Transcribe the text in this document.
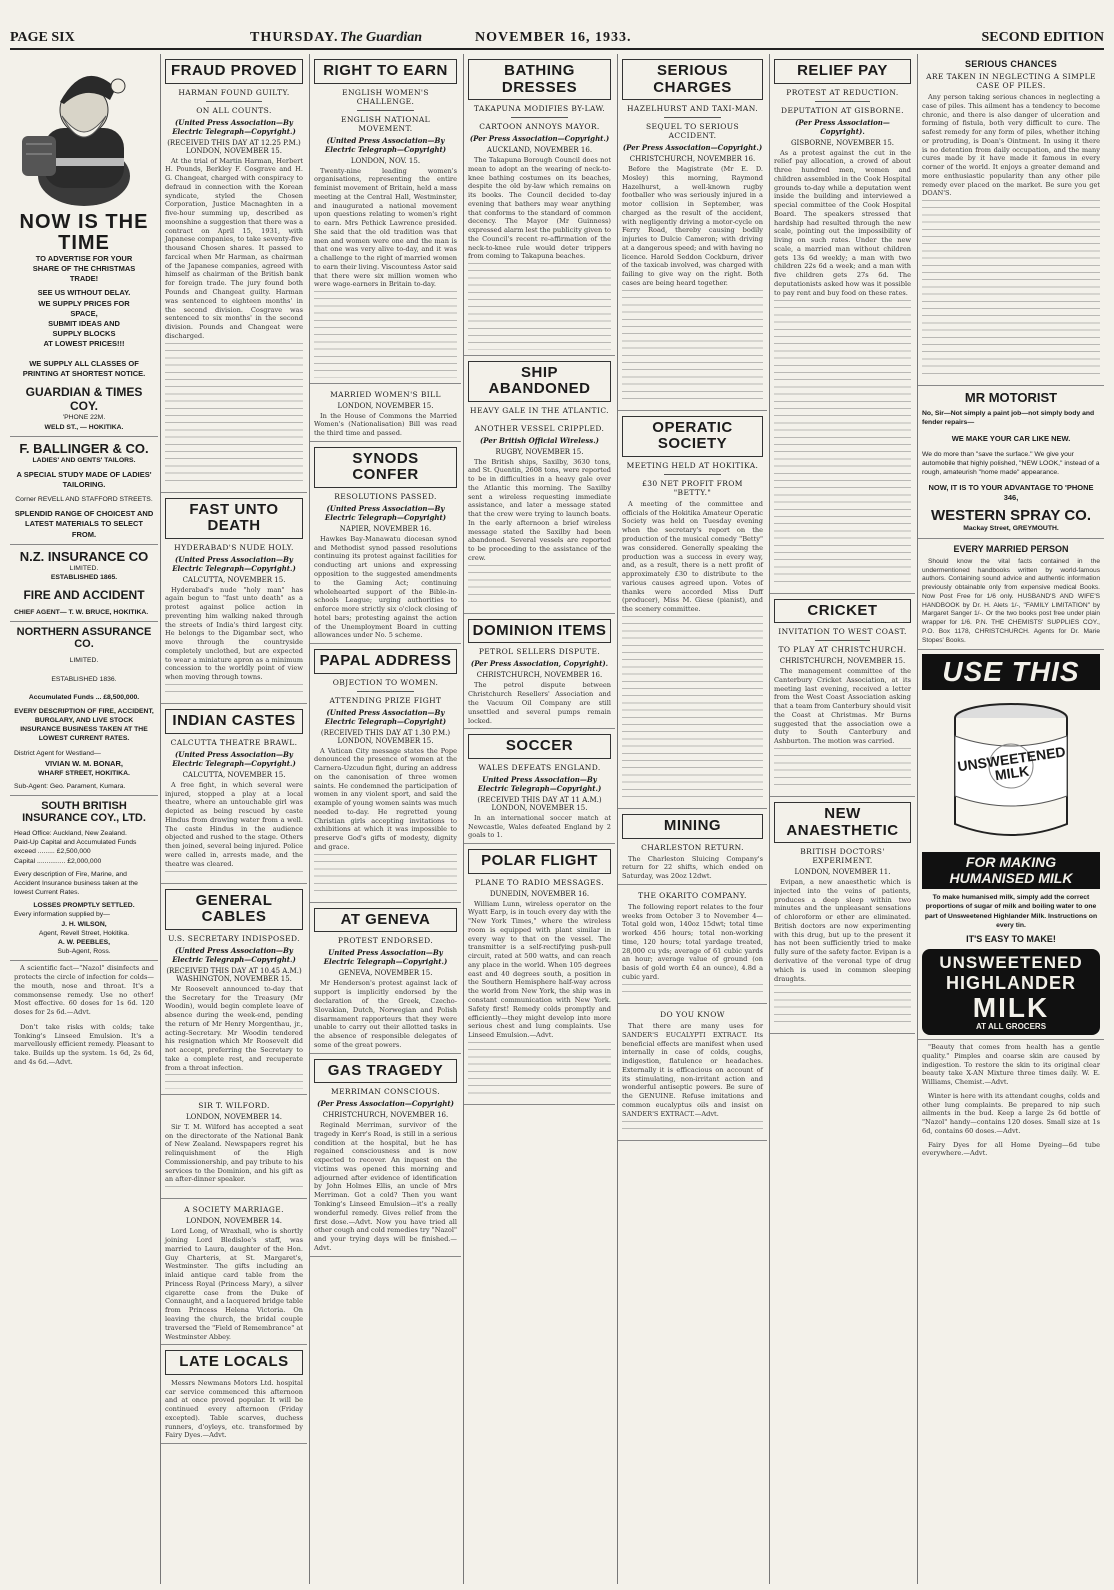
PAGE SIX	THURSDAY. The Guardian	NOVEMBER 16, 1933.	SECOND EDITION
NOW IS THE TIME
TO ADVERTISE FOR YOUR
SHARE OF THE CHRISTMAS
TRADE!
SEE US WITHOUT DELAY.
WE SUPPLY PRICES FOR
SPACE,
SUBMIT IDEAS AND
SUPPLY BLOCKS
AT LOWEST PRICES!!!
WE SUPPLY ALL CLASSES OF PRINTING AT SHORTEST NOTICE.
GUARDIAN & TIMES COY.
'PHONE 22M.
WELD ST., — HOKITIKA.
F. BALLINGER & CO.
LADIES' AND GENTS' TAILORS.
A SPECIAL STUDY MADE OF LADIES' TAILORING.
Corner REVELL AND STAFFORD STREETS.
SPLENDID RANGE OF CHOICEST AND LATEST MATERIALS TO SELECT FROM.
N.Z. INSURANCE CO
LIMITED.
ESTABLISHED 1865.
FIRE AND ACCIDENT
CHIEF AGENT— T. W. BRUCE, HOKITIKA.
NORTHERN ASSURANCE CO.
LIMITED.
ESTABLISHED 1836.
Accumulated Funds ... £8,500,000.
EVERY DESCRIPTION OF FIRE, ACCIDENT, BURGLARY, AND LIVE STOCK INSURANCE BUSINESS TAKEN AT THE LOWEST CURRENT RATES.
District Agent for Westland—
VIVIAN W. M. BONAR,
WHARF STREET, HOKITIKA.
Sub-Agent: Geo. Parament, Kumara.
SOUTH BRITISH INSURANCE COY., LTD.
Head Office: Auckland, New Zealand.
Paid-Up Capital and Accumulated Funds exceed ......... £2,500,000
Capital ............... £2,000,000
Every description of Fire, Marine, and Accident Insurance business taken at the lowest Current Rates.
LOSSES PROMPTLY SETTLED.
Every information supplied by—
J. H. WILSON,
Agent, Revell Street, Hokitika.
A. W. PEEBLES,
Sub-Agent, Ross.

A scientific fact—"Nazol" disinfects and protects the circle of infection for colds—the mouth, nose and throat. It's a commonsense remedy. Use no other! Most effective. 60 doses for 1s 6d. 120 doses for 2s 6d.—Advt.

Don't take risks with colds; take Tonking's Linseed Emulsion. It's a marvellously efficient remedy. Pleasant to take. Builds up the system. 1s 6d, 2s 6d, and 4s 6d.—Advt.

FRAUD PROVED
HARMAN FOUND GUILTY.
ON ALL COUNTS.
(United Press Association—By Electric Telegraph—Copyright.)
(RECEIVED THIS DAY AT 12.25 P.M.) LONDON, NOVEMBER 15.

At the trial of Martin Harman, Herbert H. Pounds, Berkley F. Cosgrave and H. G. Changeat, charged with conspiracy to defraud in connection with the Korean syndicate, styled the Chosen Corporation, Justice Macnaghten in a five-hour summing up, described as moonshine a suggestion that there was a contract on April 15, 1931, with Japanese companies, to take seventy-five thousand Chosen shares. It passed to farcical when Mr Harman, as chairman of the Japanese companies, agreed with himself as chairman of the British bank for foreign trade. The jury found both Pounds and Changeat guilty. Harman was sentenced to eighteen months' in the second division. Cosgrave was sentenced to six months' in the second division. Pounds and Changeat were discharged.

FAST UNTO DEATH
HYDERABAD'S NUDE HOLY.
(United Press Association—By Electric Telegraph—Copyright.)
CALCUTTA, NOVEMBER 15.

Hyderabad's nude "holy man" has again begun to "fast unto death" as a protest against police action in preventing him walking naked through the streets of India's third largest city. He belongs to the Digambar sect, who move through the countryside completely unclothed, but are expected to wear a miniature apron as a minimum concession to the worldly point of view when moving through towns.

INDIAN CASTES
CALCUTTA THEATRE BRAWL.
(United Press Association—By Electric Telegraph—Copyright.)
CALCUTTA, NOVEMBER 15.

A free fight, in which several were injured, stopped a play at a local theatre, where an untouchable girl was depicted as being rescued by caste Hindus from drawing water from a well. The caste Hindus in the audience objected and rushed to the stage. Others then joined, several being injured. Police were called in, arrests made, and the theatre was cleared.

GENERAL CABLES
U.S. SECRETARY INDISPOSED.
(United Press Association—By Electric Telegraph—Copyright.)
(RECEIVED THIS DAY AT 10.45 A.M.) WASHINGTON, NOVEMBER 15.

Mr Roosevelt announced to-day that the Secretary for the Treasury (Mr Woodin), would begin complete leave of absence during the week-end, pending the return of Mr Henry Morgenthau, jr., acting-Secretary. Mr Woodin tendered his resignation which Mr Roosevelt did not accept, preferring the Secretary to take a complete rest, and recuperate from a throat infection.

SIR T. WILFORD.
LONDON, NOVEMBER 14.

Sir T. M. Wilford has accepted a seat on the directorate of the National Bank of New Zealand. Newspapers regret his relinquishment of the High Commissionership, and pay tribute to his services to the Dominion, and his gift as an after-dinner speaker.

A SOCIETY MARRIAGE.
LONDON, NOVEMBER 14.

Lord Long, of Wraxhall, who is shortly joining Lord Bledisloe's staff, was married to Laura, daughter of the Hon. Guy Charteris, at St. Margaret's, Westminster. The gifts including an inlaid antique card table from the Princess Royal (Princess Mary), a silver cigarette case from the Duke of Connaught, and a lacquered bridge table from Princess Helena Victoria. On leaving the church, the bridal couple traversed the "Field of Remembrance" at Westminster Abbey.

LATE LOCALS

Messrs Newmans Motors Ltd. hospital car service commenced this afternoon and at once proved popular. It will be continued every afternoon (Friday excepted). Table scarves, duchess runners, d'oyleys, etc. transformed by Fairy Dyes.—Advt.

RIGHT TO EARN
ENGLISH WOMEN'S CHALLENGE.
ENGLISH NATIONAL MOVEMENT.
(United Press Association—By Electric Telegraph—Copyright)
LONDON, NOV. 15.

Twenty-nine leading women's organisations, representing the entire feminist movement of Britain, held a mass meeting at the Central Hall, Westminster, and inaugurated a national movement upon questions relating to women's right to earn. Mrs Pethick Lawrence presided. She said that the old tradition was that men and women were one and the man is that one was very alive to-day, and it was a challenge to the right of married women to earn their living. Viscountess Astor said that there were six million women who were wage-earners in Britain to-day.

MARRIED WOMEN'S BILL
LONDON, NOVEMBER 15.

In the House of Commons the Married Women's (Nationalisation) Bill was read the third time and passed.

SYNODS CONFER
RESOLUTIONS PASSED.
(United Press Association—By Electric Telegraph—Copyright)
NAPIER, NOVEMBER 16.

Hawkes Bay-Manawatu diocesan synod and Methodist synod passed resolutions continuing its protest against facilities for conducting art unions and expressing opposition to the suggested amendments to the Gaming Act; continuing wholehearted support of the Bible-in-schools League; urging authorities to enforce more strictly six o'clock closing of hotel bars; protesting against the action of the Unemployment Board in cutting allowances under No. 5 scheme.

PAPAL ADDRESS
OBJECTION TO WOMEN.
ATTENDING PRIZE FIGHT
(United Press Association—By Electric Telegraph—Copyright)
(RECEIVED THIS DAY AT 1.30 P.M.) LONDON, NOVEMBER 15.

A Vatican City message states the Pope denounced the presence of women at the Carnera-Uzcudun fight, during an address on the canonisation of three women saints. He condemned the participation of women in any violent sport, and said the example of young women saints was much needed to-day. He regretted young Christian girls accepting invitations to exhibitions at which it was impossible to preserve God's gifts of modesty, dignity and grace.

AT GENEVA
PROTEST ENDORSED.
United Press Association—By Electric Telegraph—Copyright.)
GENEVA, NOVEMBER 15.

Mr Henderson's protest against lack of support is implicitly endorsed by the declaration of the Greek, Czecho-Slovakian, Dutch, Norwegian and Polish disarmament rapporteurs that they were unable to carry out their allotted tasks in the absence of responsible delegates of some of the great powers.

GAS TRAGEDY
MERRIMAN CONSCIOUS.
(Per Press Association—Copyright)
CHRISTCHURCH, NOVEMBER 16.

Reginald Merriman, survivor of the tragedy in Kerr's Road, is still in a serious condition at the hospital, but he has regained consciousness and is now expected to recover. An inquest on the victims was opened this morning and adjourned after evidence of identification by John Holmes Ellis, an uncle of Mrs Merriman. Got a cold? Then you want Tonking's Linseed Emulsion—it's a really wonderful remedy. Gives relief from the first dose.—Advt. Now you have tried all other cough and cold remedies try "Nazol" and your trying days will be finished.—Advt.

BATHING DRESSES
TAKAPUNA MODIFIES BY-LAW.
CARTOON ANNOYS MAYOR.
(Per Press Association—Copyright.)
AUCKLAND, NOVEMBER 16.

The Takapuna Borough Council does not mean to adopt an the wearing of neck-to-knee bathing costumes on its beaches, despite the old by-law which remains on its books. The Council decided to-day evening that bathers may wear anything that conforms to the standard of common decency. The Mayor (Mr Guinness) expressed alarm lest the publicity given to the Council's recent re-affirmation of the neck-to-knee rule would deter trippers from coming to Takapuna beaches.

SHIP ABANDONED
HEAVY GALE IN THE ATLANTIC.
ANOTHER VESSEL CRIPPLED.
(Per British Official Wireless.)
RUGBY, NOVEMBER 15.

The British ships, Saxilby, 3630 tons, and St. Quentin, 2608 tons, were reported to be in difficulties in a heavy gale over the Atlantic this morning. The Saxilby sent a wireless requesting immediate assistance, and later a message stated that the crew were trying to launch boats. In the early afternoon a brief wireless message stated the Saxilby had been abandoned. Several vessels are reported to be proceeding to the assistance of the crew.

DOMINION ITEMS
PETROL SELLERS DISPUTE.
(Per Press Association, Copyright).
CHRISTCHURCH, NOVEMBER 16.

The petrol dispute between Christchurch Resellers' Association and the Vacuum Oil Company are still unsettled and several pumps remain locked.

SOCCER
WALES DEFEATS ENGLAND.
United Press Association—By Electric Telegraph—Copyright.)
(RECEIVED THIS DAY AT 11 A.M.) LONDON, NOVEMBER 15.

In an international soccer match at Newcastle, Wales defeated England by 2 goals to 1.

POLAR FLIGHT
PLANE TO RADIO MESSAGES.
DUNEDIN, NOVEMBER 16.

William Lunn, wireless operator on the Wyatt Earp, is in touch every day with the "New York Times," where the wireless room is equipped with plant similar in every way to that on the vessel. The transmitter is a self-rectifying push-pull circuit, rated at 500 watts, and can reach any place in the world. When 105 degrees east and 40 degrees south, a position in the Southern Hemisphere half-way across the world from New York, the ship was in constant communication with New York. Safety first! Remedy colds promptly and efficiently—they might develop into more serious chest and lung complaints. Use Linseed Emulsion.—Advt.

SERIOUS CHARGES
HAZELHURST AND TAXI-MAN.
SEQUEL TO SERIOUS ACCIDENT.
(Per Press Association—Copyright.)
CHRISTCHURCH, NOVEMBER 16.

Before the Magistrate (Mr E. D. Mosley) this morning, Raymond Hazelhurst, a well-known rugby footballer who was seriously injured in a motor collision in September, was charged as the result of the accident, with negligently driving a motor-cycle on Ferry Road, thereby causing bodily injuries to Dulcie Cameron; with driving at a dangerous speed; and with having no licence. Harold Seddon Cockburn, driver of the taxicab involved, was charged with failing to give way on the right. Both cases are being heard together.

OPERATIC SOCIETY
MEETING HELD AT HOKITIKA.
£30 NET PROFIT FROM "BETTY."

A meeting of the committee and officials of the Hokitika Amateur Operatic Society was held on Tuesday evening when the secretary's report on the production of the musical comedy "Betty" was considered. Generally speaking the production was a success in every way, and, as a result, there is a nett profit of approximately £30 to distribute to the various causes agreed upon. Votes of thanks were accorded Miss Duff (producer), Miss M. Giese (pianist), and the scenery committee.

MINING
CHARLESTON RETURN.

The Charleston Sluicing Company's return for 22 shifts, which ended on Saturday, was 20oz 12dwt.

THE OKARITO COMPANY.

The following report relates to the four weeks from October 3 to November 4—Total gold won, 140oz 15dwt; total time worked 456 hours; total non-working time, 120 hours; total yardage treated, 28,000 cu yds; average of 61 cubic yards an hour; average value of ground (on basis of gold worth £4 an ounce), 4.8d a cubic yard.

DO YOU KNOW

That there are many uses for SANDER'S EUCALYPTI EXTRACT. Its beneficial effects are manifest when used internally in case of colds, coughs, indigestion, flatulence or headaches. Externally it is efficacious on account of its stimulating, non-irritant action and wonderful antiseptic powers. Be sure of the GENUINE. Refuse imitations and common eucalyptus oils and insist on SANDER'S EXTRACT.—Advt.

RELIEF PAY
PROTEST AT REDUCTION.
DEPUTATION AT GISBORNE.
(Per Press Association—Copyright).
GISBORNE, NOVEMBER 15.

As a protest against the cut in the relief pay allocation, a crowd of about three hundred men, women and children assembled in the Cook Hospital grounds to-day while a deputation went inside the building and interviewed a special committee of the Cook Hospital Board. The speakers stressed that hardship had resulted through the new scale, pointing out the impossibility of living on such rates. Under the new scale, a married man without children gets 13s 6d weekly; a man with two children 22s 6d a week; and a man with five children gets 27s 6d. The deputationists asked how was it possible to pay rent and buy food on these rates.

CRICKET
INVITATION TO WEST COAST.
TO PLAY AT CHRISTCHURCH.
CHRISTCHURCH, NOVEMBER 15.

The management committee of the Canterbury Cricket Association, at its meeting last evening, received a letter from the West Coast Association asking that a team from Canterbury should visit the Coast at Christmas. Mr Burns suggested that the association owe a duty to South Canterbury and Ashburton. The motion was carried.

NEW ANAESTHETIC
BRITISH DOCTORS' EXPERIMENT.
LONDON, NOVEMBER 11.

Evipan, a new anaesthetic which is injected into the veins of patients, produces a deep sleep within two minutes and the unpleasant sensations of chloroform or ether are eliminated. British doctors are now experimenting with this drug, but up to the present it has not been sufficiently tried to make fully sure of the safety factor. Evipan is a derivative of the veronal type of drug which is used in common sleeping draughts.

SERIOUS CHANCES
ARE TAKEN IN NEGLECTING A SIMPLE CASE OF PILES.

Any person taking serious chances in neglecting a case of piles. This ailment has a tendency to become chronic, and there is also danger of ulceration and forming of fistula, both very difficult to cure. The safest remedy for any form of piles, whether itching or protruding, is Doan's Ointment. In using it there is no detention from daily occupation, and the many cures made by it have made it famous in every corner of the world. It enjoys a greater demand and more enthusiastic popularity than any other pile remedy ever placed on the market. Be sure you get DOAN'S.

MR MOTORIST
No, Sir—Not simply a paint job—not simply body and fender repairs—
WE MAKE YOUR CAR LIKE NEW.
We do more than "save the surface." We give your automobile that highly polished, "NEW LOOK," instead of a rough, amateurish "home made" appearance.
NOW, IT IS TO YOUR ADVANTAGE TO 'PHONE 346,
WESTERN SPRAY CO.
Mackay Street, GREYMOUTH.
EVERY MARRIED PERSON

Should know the vital facts contained in the undermentioned handbooks written by world-famous authors. Containing sound advice and authentic information previously obtainable only from expensive medical Books. Now Post Free for 1/6 only. HUSBAND'S AND WIFE'S HANDBOOK by Dr. H. Alets 1/-, "FAMILY LIMITATION" by Margaret Sanger 1/-. Or the two books post free under plain wrapper for 1/6. P.N. THE CHEMISTS' SUPPLIES COY., P.O. Box 1178, CHRISTCHURCH. Agents for Dr. Marie Stopes' Books.

USE THIS
UNSWEETENED MILK
FOR MAKING HUMANISED MILK

To make humanised milk, simply add the correct proportions of sugar of milk and boiling water to one part of Unsweetened Highlander Milk. Instructions on every tin.

IT'S EASY TO MAKE!
UNSWEETENED
HIGHLANDER
MILK
AT ALL GROCERS

"Beauty that comes from health has a gentle quality." Pimples and coarse skin are caused by indigestion. To restore the skin to its original clear beauty take X-AN Mixture three times daily. W. E. Williams, Chemist.—Advt.

Winter is here with its attendant coughs, colds and other lung complaints. Be prepared to nip such ailments in the bud. Keep a large 2s 6d bottle of "Nazol" handy—contains 120 doses. Small size at 1s 6d, contains 60 doses.—Advt.

Fairy Dyes for all Home Dyeing—6d tube everywhere.—Advt.
